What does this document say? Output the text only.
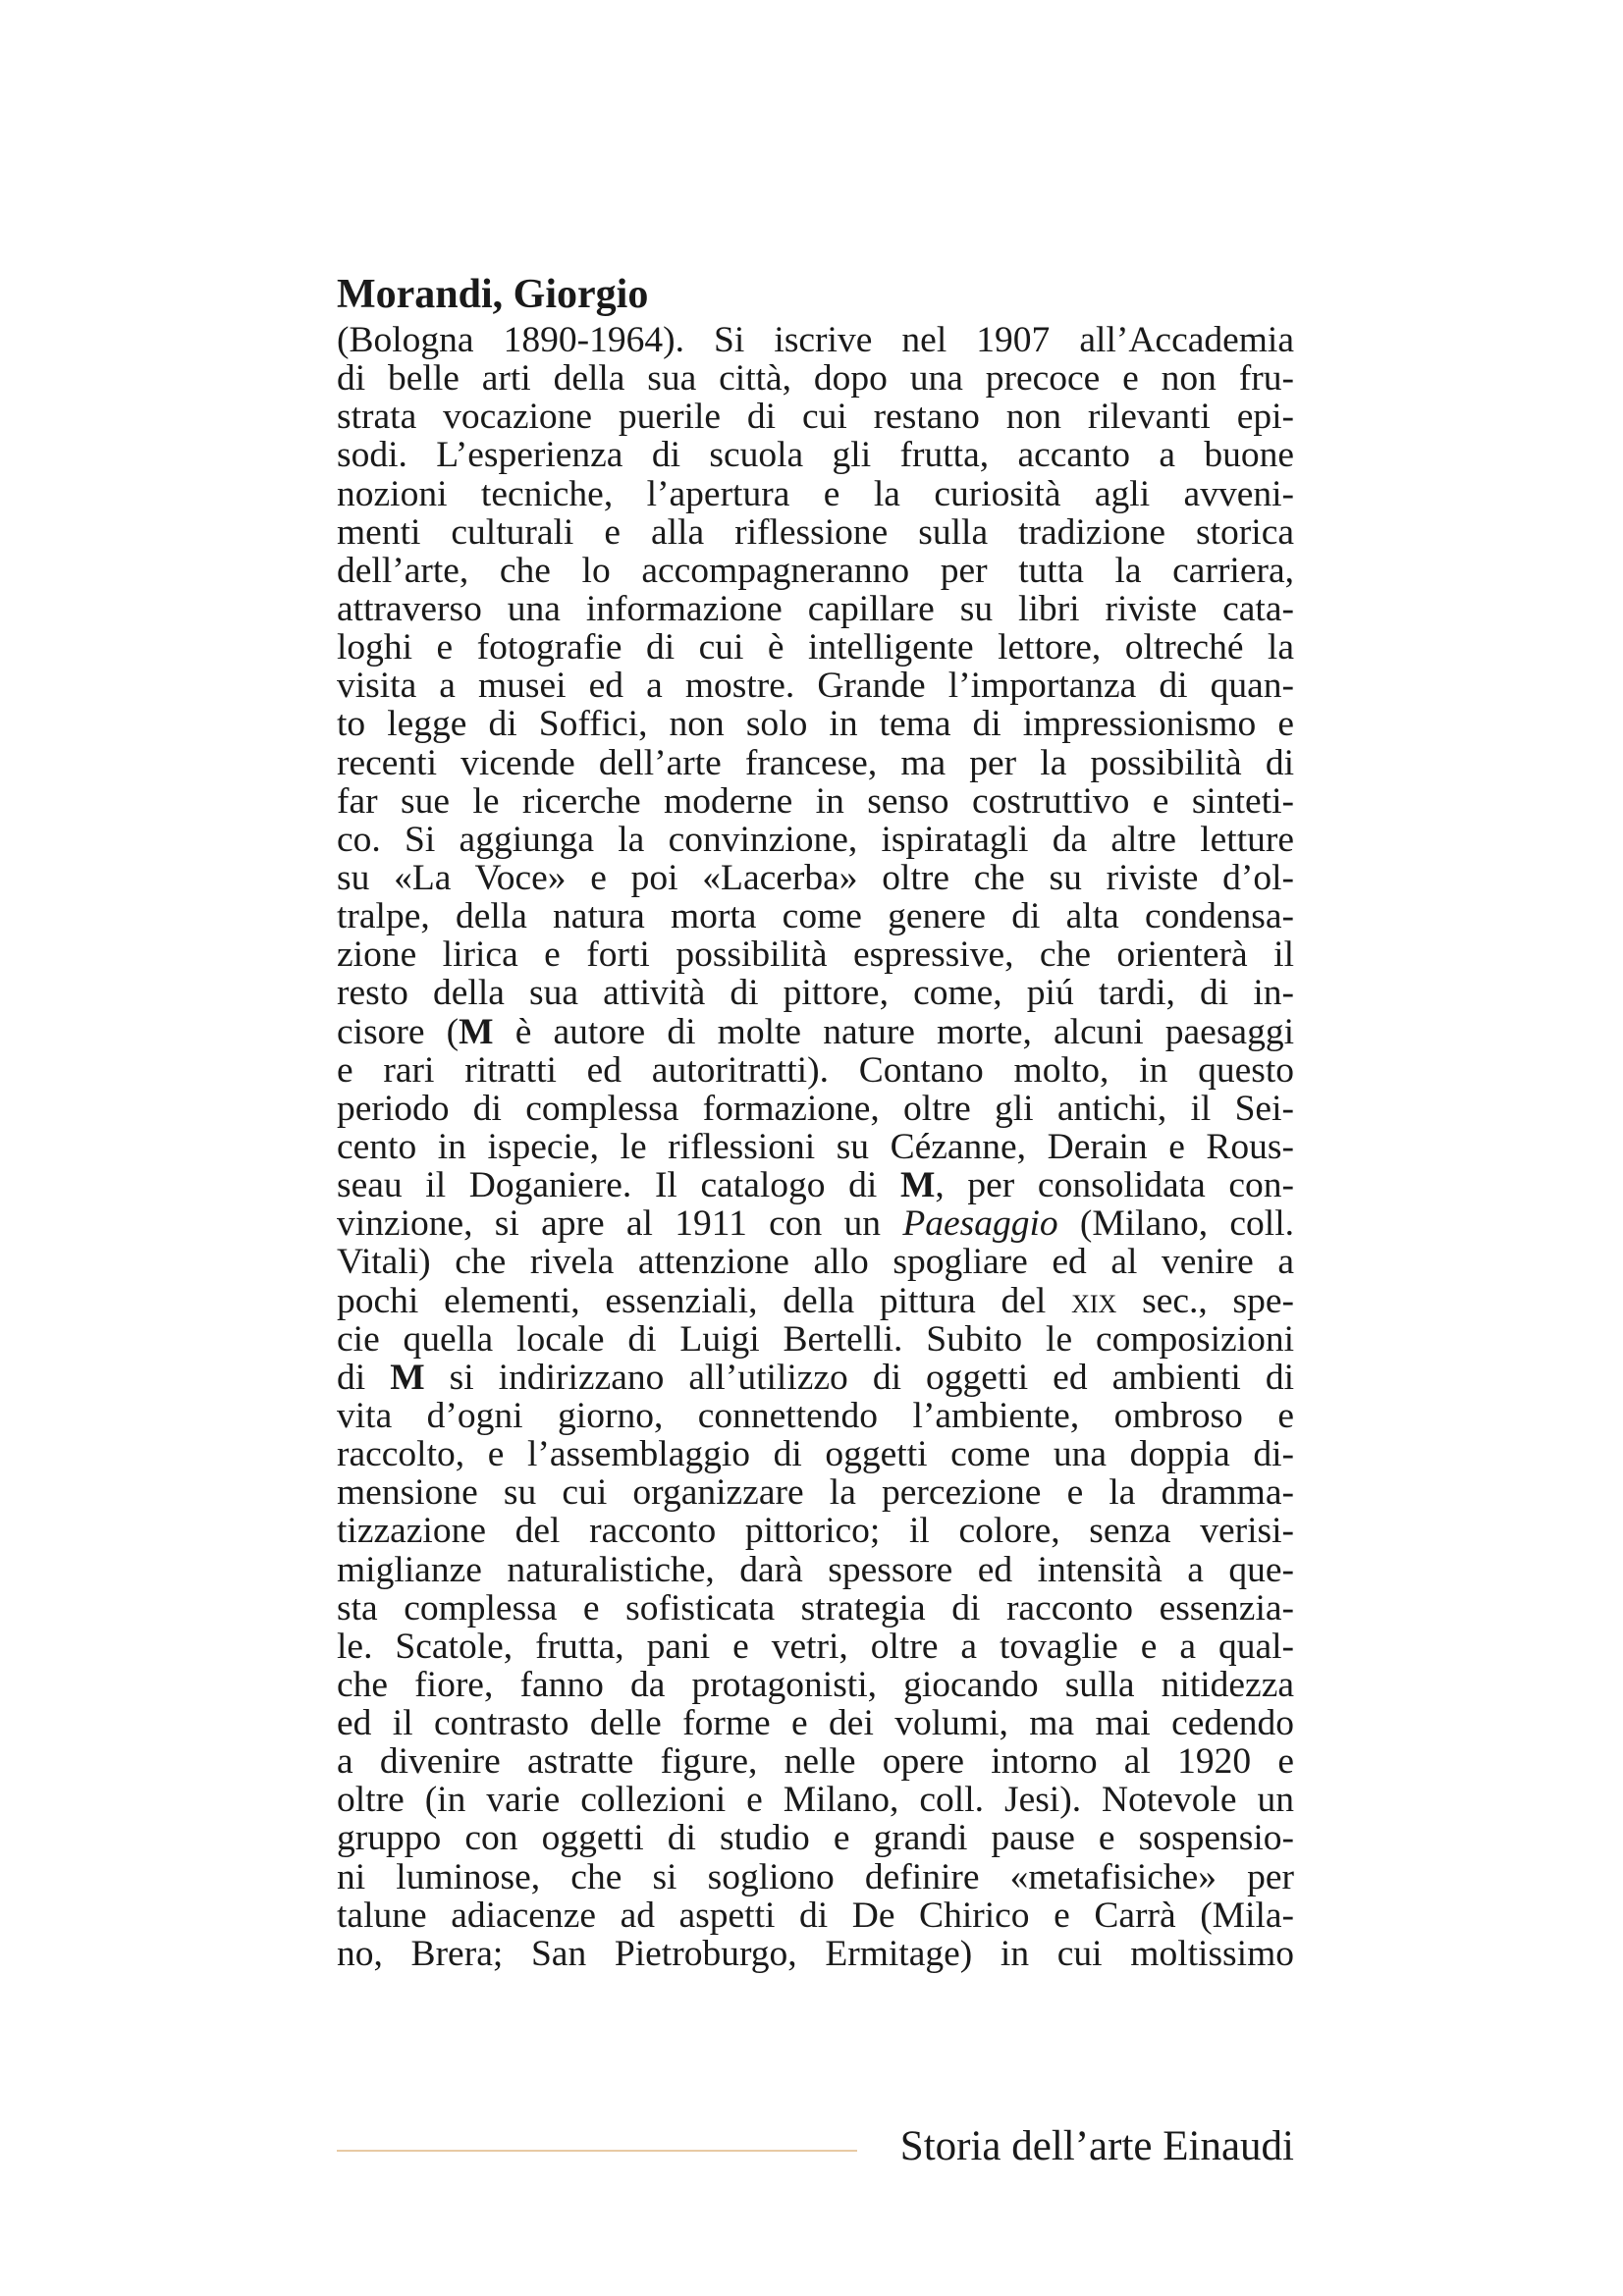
Morandi, Giorgio
(Bologna 1890-1964). Si iscrive nel 1907 all’Accademia
di belle arti della sua città, dopo una precoce e non fru-
strata vocazione puerile di cui restano non rilevanti epi-
sodi. L’esperienza di scuola gli frutta, accanto a buone
nozioni tecniche, l’apertura e la curiosità agli avveni-
menti culturali e alla riflessione sulla tradizione storica
dell’arte, che lo accompagneranno per tutta la carriera,
attraverso una informazione capillare su libri riviste cata-
loghi e fotografie di cui è intelligente lettore, oltreché la
visita a musei ed a mostre. Grande l’importanza di quan-
to legge di Soffici, non solo in tema di impressionismo e
recenti vicende dell’arte francese, ma per la possibilità di
far sue le ricerche moderne in senso costruttivo e sinteti-
co. Si aggiunga la convinzione, ispiratagli da altre letture
su «La Voce» e poi «Lacerba» oltre che su riviste d’ol-
tralpe, della natura morta come genere di alta condensa-
zione lirica e forti possibilità espressive, che orienterà il
resto della sua attività di pittore, come, piú tardi, di in-
cisore (M è autore di molte nature morte, alcuni paesaggi
e rari ritratti ed autoritratti). Contano molto, in questo
periodo di complessa formazione, oltre gli antichi, il Sei-
cento in ispecie, le riflessioni su Cézanne, Derain e Rous-
seau il Doganiere. Il catalogo di M, per consolidata con-
vinzione, si apre al 1911 con un Paesaggio (Milano, coll.
Vitali) che rivela attenzione allo spogliare ed al venire a
pochi elementi, essenziali, della pittura del xix sec., spe-
cie quella locale di Luigi Bertelli. Subito le composizioni
di M si indirizzano all’utilizzo di oggetti ed ambienti di
vita d’ogni giorno, connettendo l’ambiente, ombroso e
raccolto, e l’assemblaggio di oggetti come una doppia di-
mensione su cui organizzare la percezione e la dramma-
tizzazione del racconto pittorico; il colore, senza verisi-
miglianze naturalistiche, darà spessore ed intensità a que-
sta complessa e sofisticata strategia di racconto essenzia-
le. Scatole, frutta, pani e vetri, oltre a tovaglie e a qual-
che fiore, fanno da protagonisti, giocando sulla nitidezza
ed il contrasto delle forme e dei volumi, ma mai cedendo
a divenire astratte figure, nelle opere intorno al 1920 e
oltre (in varie collezioni e Milano, coll. Jesi). Notevole un
gruppo con oggetti di studio e grandi pause e sospensio-
ni luminose, che si sogliono definire «metafisiche» per
talune adiacenze ad aspetti di De Chirico e Carrà (Mila-
no, Brera; San Pietroburgo, Ermitage) in cui moltissimo
Storia dell’arte Einaudi
